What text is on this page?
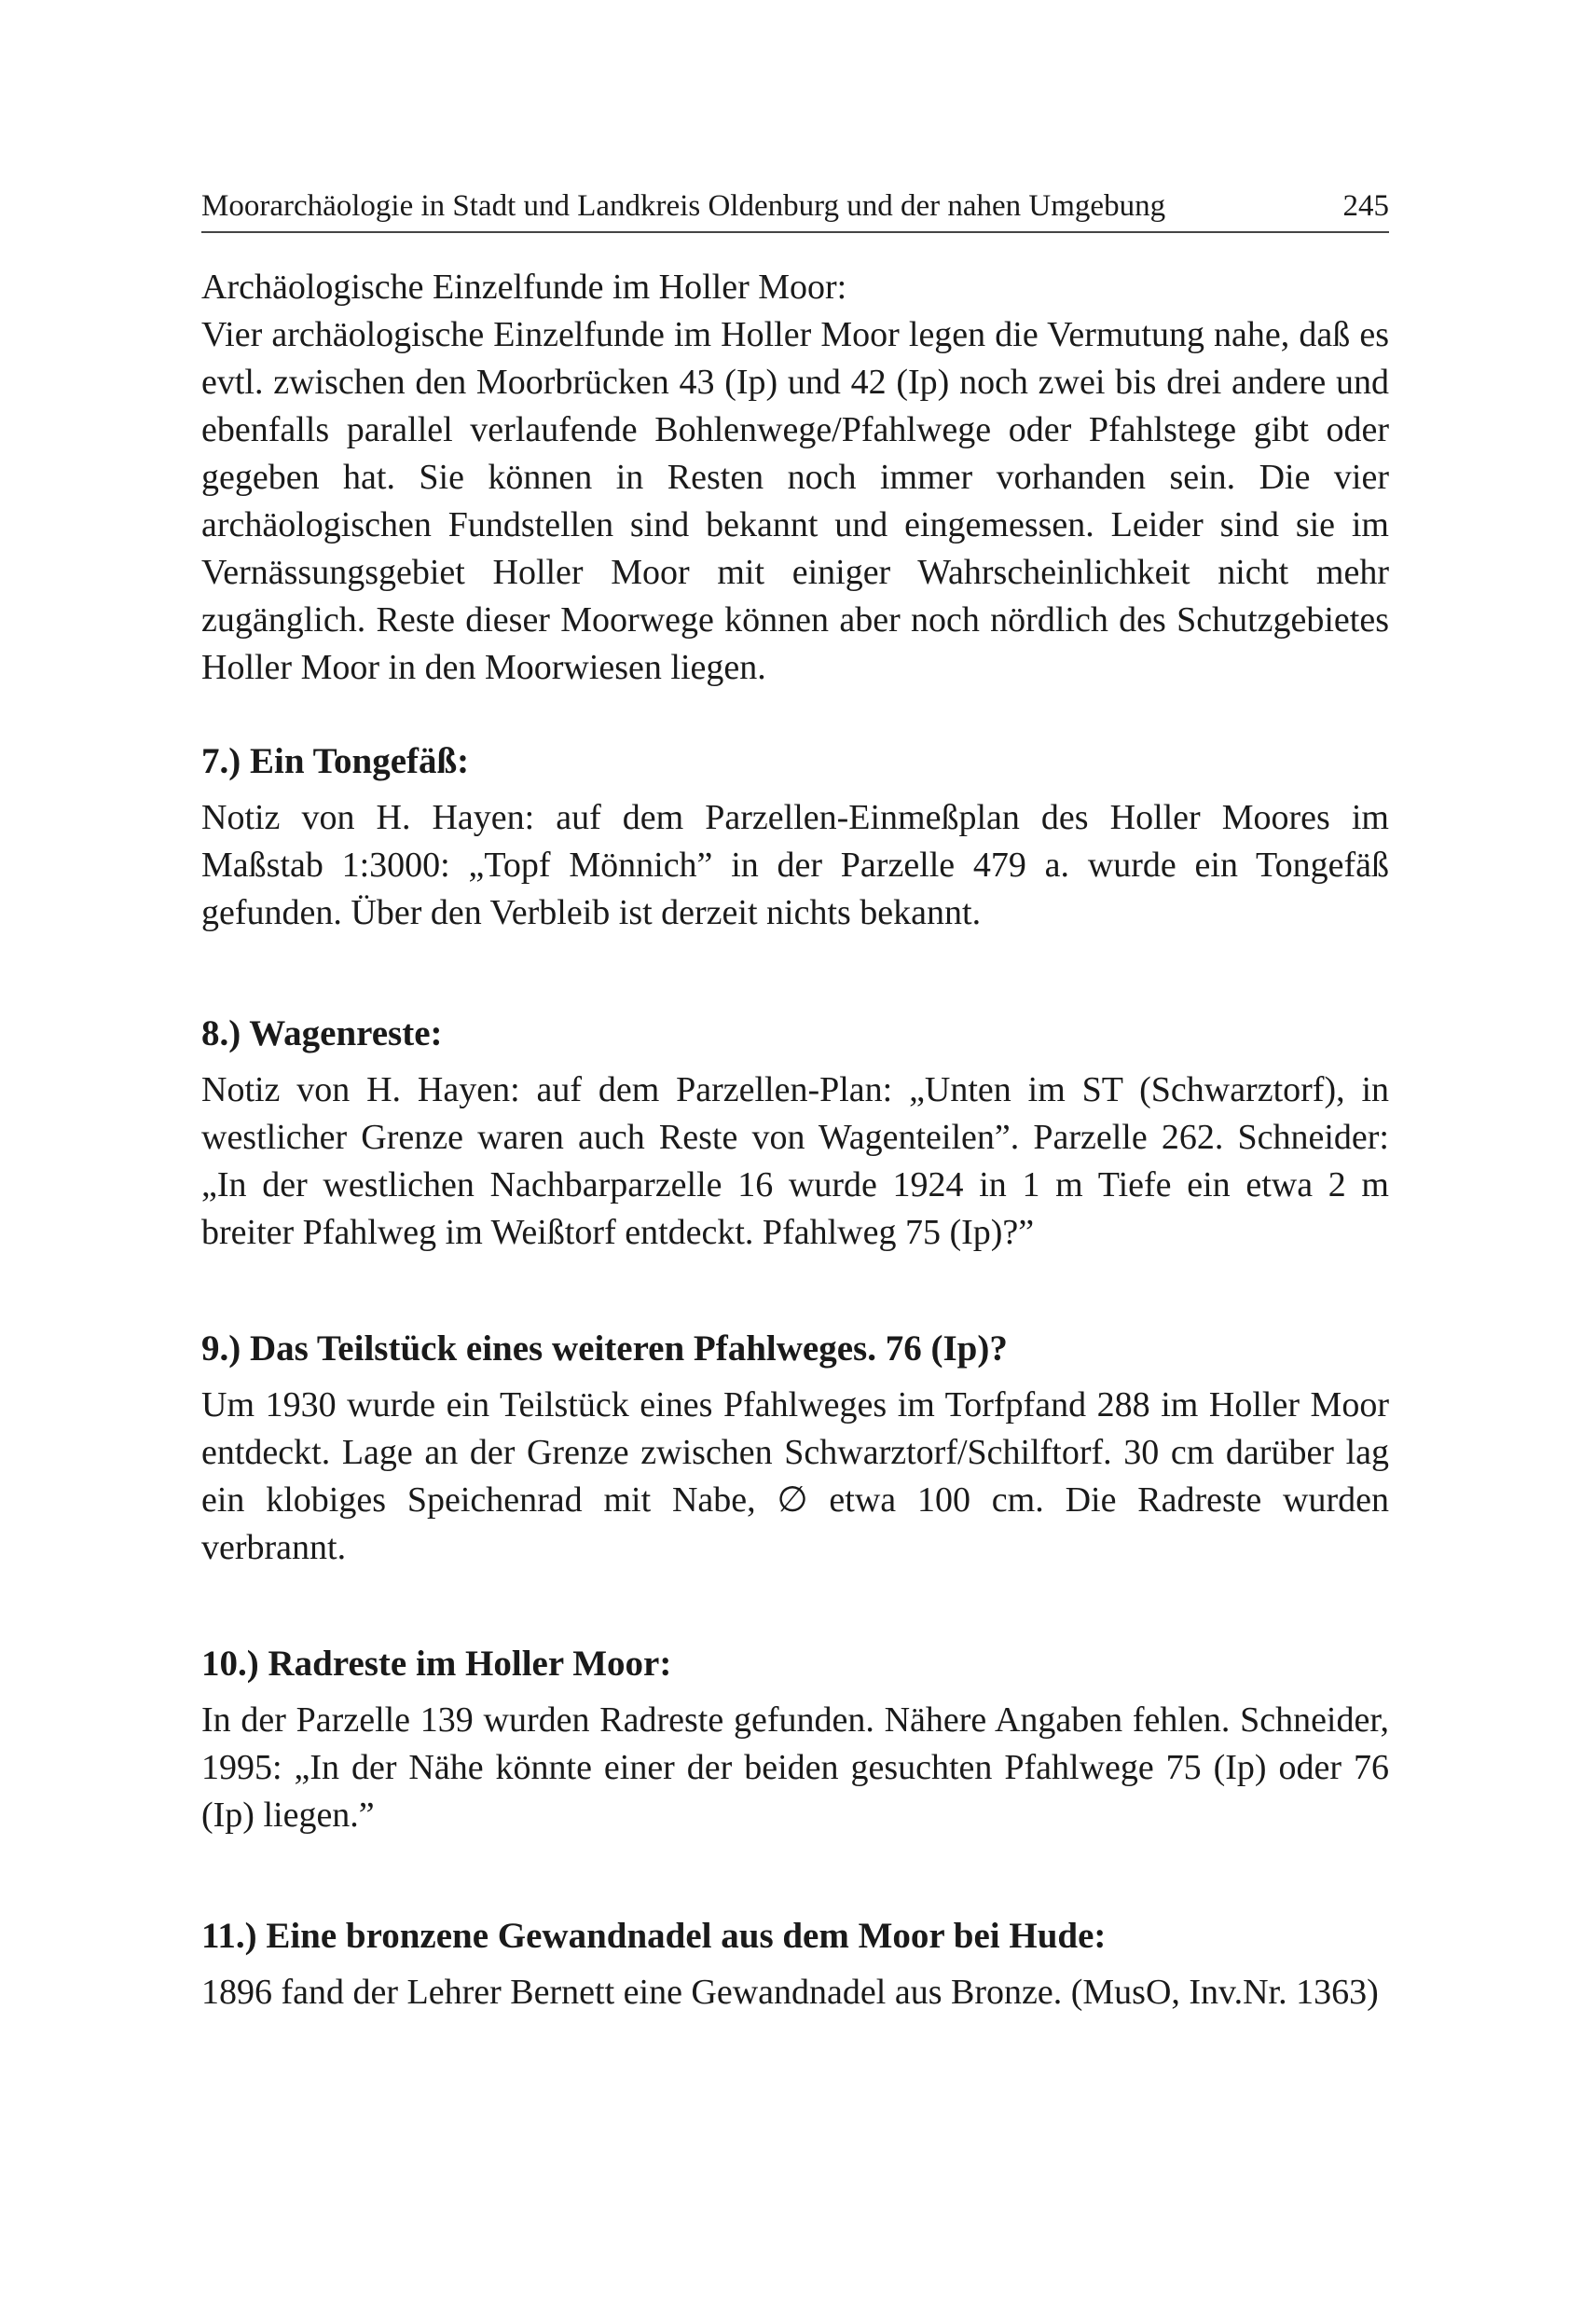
Moorarchäologie in Stadt und Landkreis Oldenburg und der nahen Umgebung	245
Archäologische Einzelfunde im Holler Moor:

Vier archäologische Einzelfunde im Holler Moor legen die Vermutung nahe, daß es evtl. zwischen den Moorbrücken 43 (Ip) und 42 (Ip) noch zwei bis drei andere und ebenfalls parallel verlaufende Bohlenwege/Pfahlwege oder Pfahlstege gibt oder gegeben hat. Sie können in Resten noch immer vorhanden sein. Die vier archäologischen Fundstellen sind bekannt und eingemessen. Leider sind sie im Vernässungsgebiet Holler Moor mit einiger Wahrscheinlichkeit nicht mehr zugänglich. Reste dieser Moorwege können aber noch nördlich des Schutzgebietes Holler Moor in den Moorwiesen liegen.

7.) Ein Tongefäß:

Notiz von H. Hayen: auf dem Parzellen-Einmeßplan des Holler Moores im Maßstab 1:3000: „Topf Mönnich” in der Parzelle 479 a. wurde ein Tongefäß gefunden. Über den Verbleib ist derzeit nichts bekannt.

8.) Wagenreste:

Notiz von H. Hayen: auf dem Parzellen-Plan: „Unten im ST (Schwarztorf), in westlicher Grenze waren auch Reste von Wagenteilen”. Parzelle 262. Schneider: „In der westlichen Nachbarparzelle 16 wurde 1924 in 1 m Tiefe ein etwa 2 m breiter Pfahlweg im Weißtorf entdeckt. Pfahlweg 75 (Ip)?”

9.) Das Teilstück eines weiteren Pfahlweges. 76 (Ip)?

Um 1930 wurde ein Teilstück eines Pfahlweges im Torfpfand 288 im Holler Moor entdeckt. Lage an der Grenze zwischen Schwarztorf/Schilftorf. 30 cm darüber lag ein klobiges Speichenrad mit Nabe, ∅ etwa 100 cm. Die Radreste wurden verbrannt.

10.) Radreste im Holler Moor:

In der Parzelle 139 wurden Radreste gefunden. Nähere Angaben fehlen. Schneider, 1995: „In der Nähe könnte einer der beiden gesuchten Pfahlwege 75 (Ip) oder 76 (Ip) liegen.”

11.) Eine bronzene Gewandnadel aus dem Moor bei Hude:

1896 fand der Lehrer Bernett eine Gewandnadel aus Bronze. (MusO, Inv.Nr. 1363)
